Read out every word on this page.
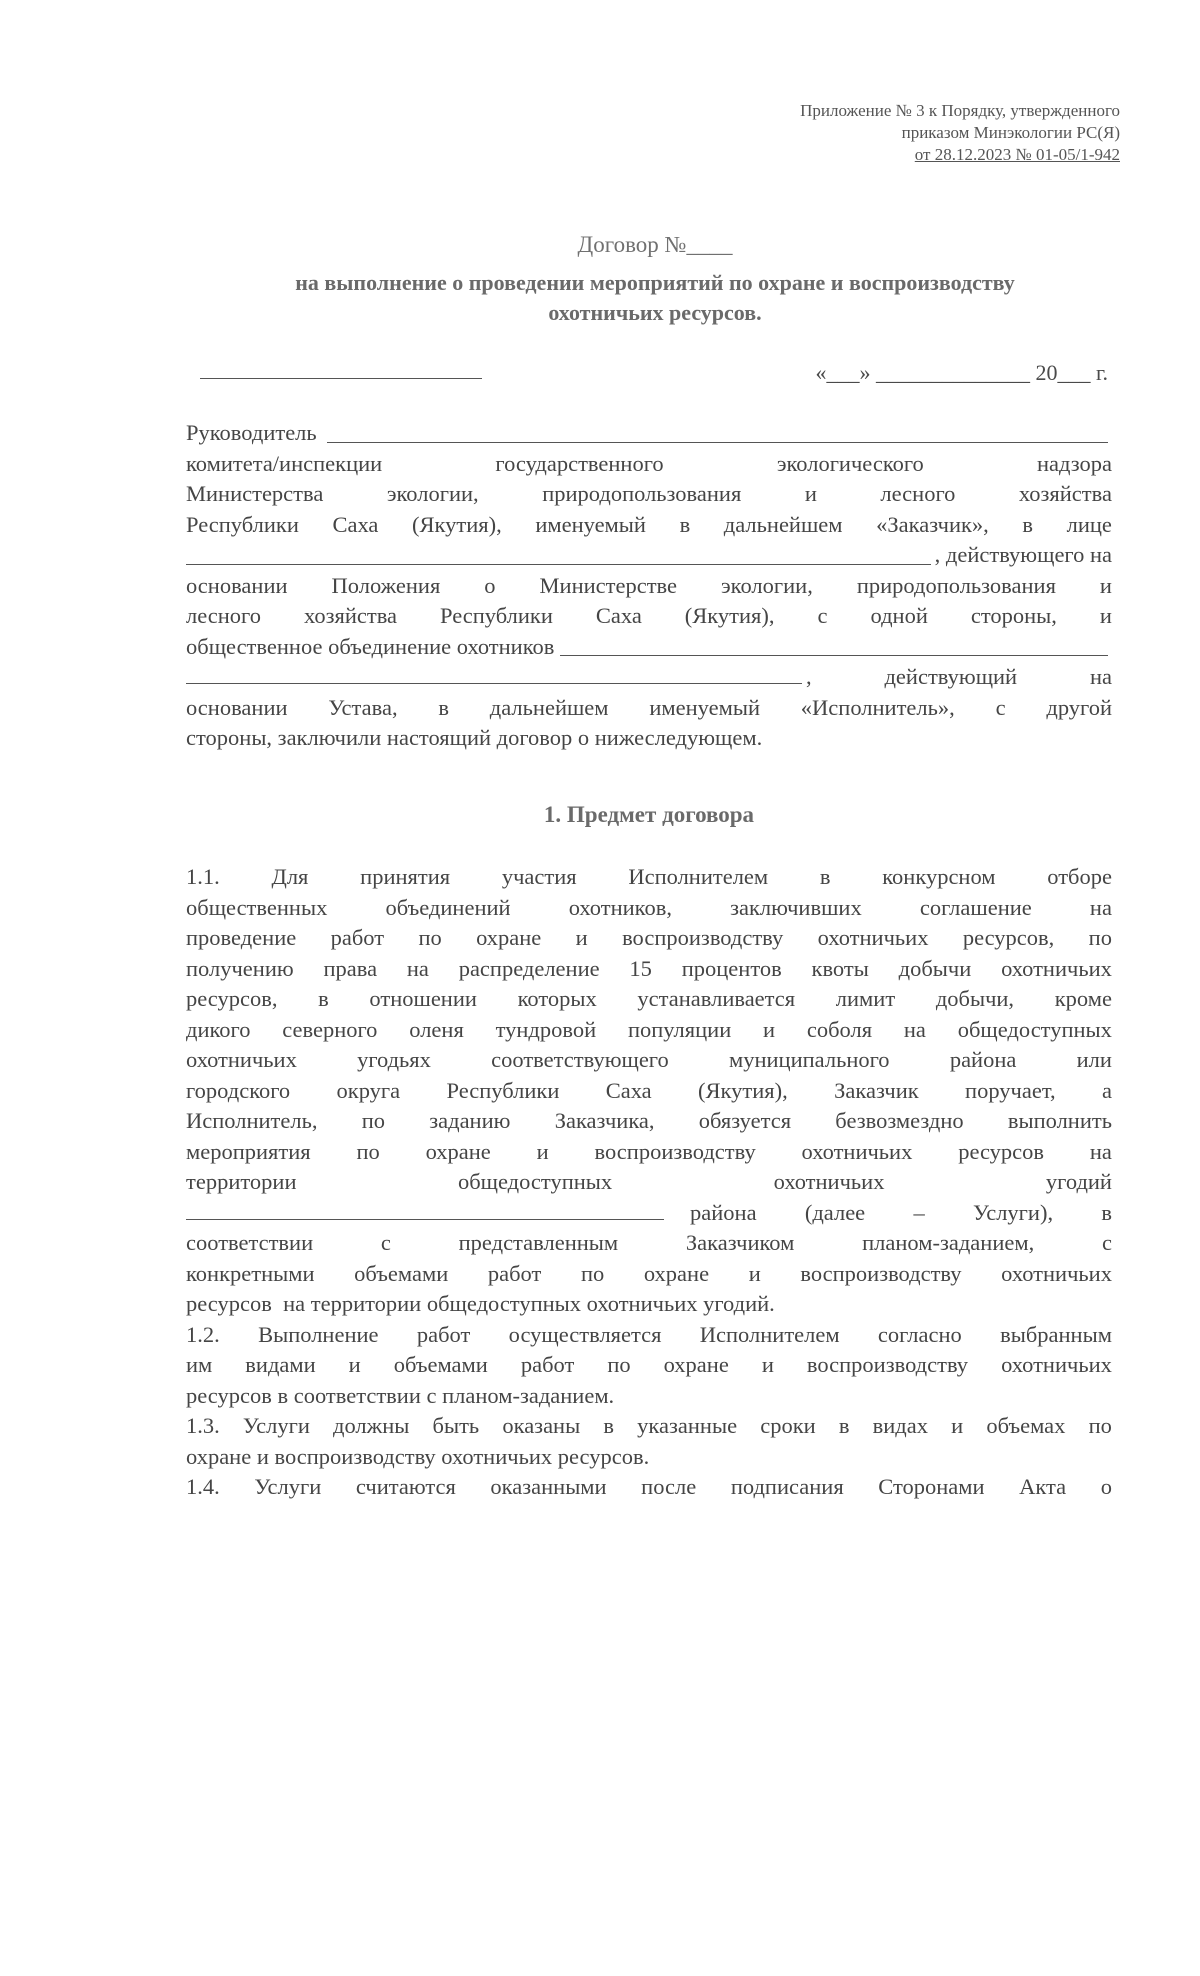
Приложение № 3 к Порядку, утвержденного
приказом Минэкологии РС(Я)
от 28.12.2023 № 01-05/1-942
Договор №____
на выполнение о проведении мероприятий по охране и воспроизводству
охотничьих ресурсов.
«___» ______________ 20___ г.
Руководитель
комитета/инспекции	государственного	экологического	надзора
Министерства	экологии,	природопользования	и	лесного	хозяйства
Республики Саха (Якутия), именуемый в дальнейшем «Заказчик», в лице
, действующего на
основании Положения о Министерстве экологии, природопользования и
лесного хозяйства Республики Саха (Якутия), с одной стороны, и
общественное объединение охотников
,	действующий	на
основании Устава, в дальнейшем именуемый «Исполнитель», с другой
стороны, заключили настоящий договор о нижеследующем.
1. Предмет договора
1.1. Для принятия участия Исполнителем в конкурсном отборе
общественных	объединений	охотников,	заключивших	соглашение	на
проведение работ по охране и воспроизводству охотничьих ресурсов, по
получению права на распределение 15 процентов квоты добычи охотничьих
ресурсов, в отношении которых устанавливается лимит добычи, кроме
дикого северного оленя тундровой популяции и соболя на общедоступных
охотничьих	угодьях	соответствующего	муниципального	района	или
городского округа Республики Саха (Якутия), Заказчик поручает, а
Исполнитель, по заданию Заказчика, обязуется безвозмездно выполнить
мероприятия по охране и воспроизводству охотничьих ресурсов на
территории	общедоступных	охотничьих	угодий
района (далее – Услуги), в
соответствии	с	представленным	Заказчиком	планом-заданием,	с
конкретными объемами работ по охране и воспроизводству охотничьих
ресурсов  на территории общедоступных охотничьих угодий.
1.2. Выполнение работ осуществляется Исполнителем согласно выбранным
им видами и объемами работ по охране и воспроизводству охотничьих
ресурсов в соответствии с планом-заданием.
1.3. Услуги должны быть оказаны в указанные сроки в видах и объемах по
охране и воспроизводству охотничьих ресурсов.
1.4. Услуги считаются оказанными после подписания Сторонами Акта о
